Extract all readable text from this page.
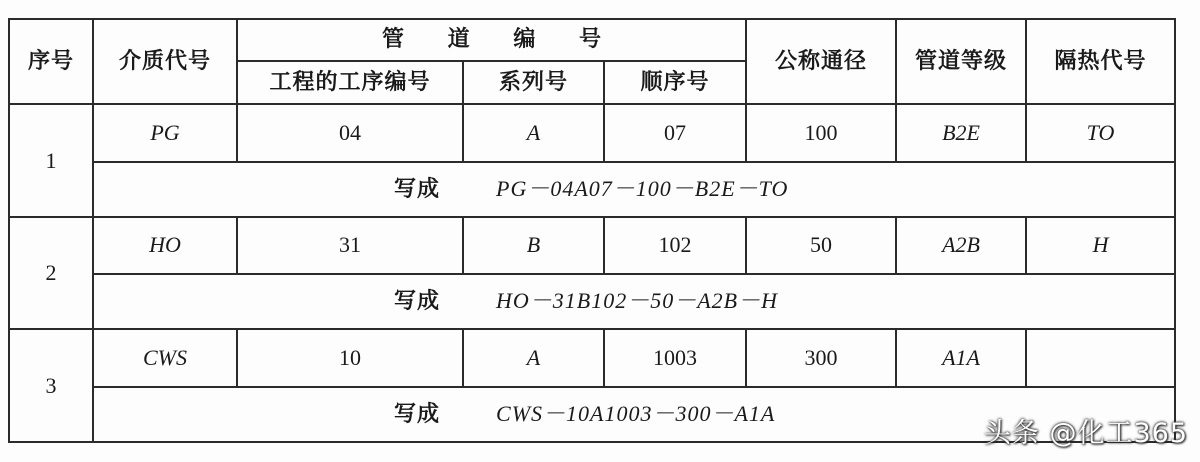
序号	介质代号	管 道 编 号			公称通径	管道等级	隔热代号
		工程的工序编号	系列号	顺序号			
1	PG	04	A	07	100	B2E	TO
	写成 PG－04A07－100－B2E－TO						
2	HO	31	B	102	50	A2B	H
	写成 HO－31B102－50－A2B－H						
3	CWS	10	A	1003	300	A1A	
	写成 CWS－10A1003－300－A1A						
头条 @化工365
